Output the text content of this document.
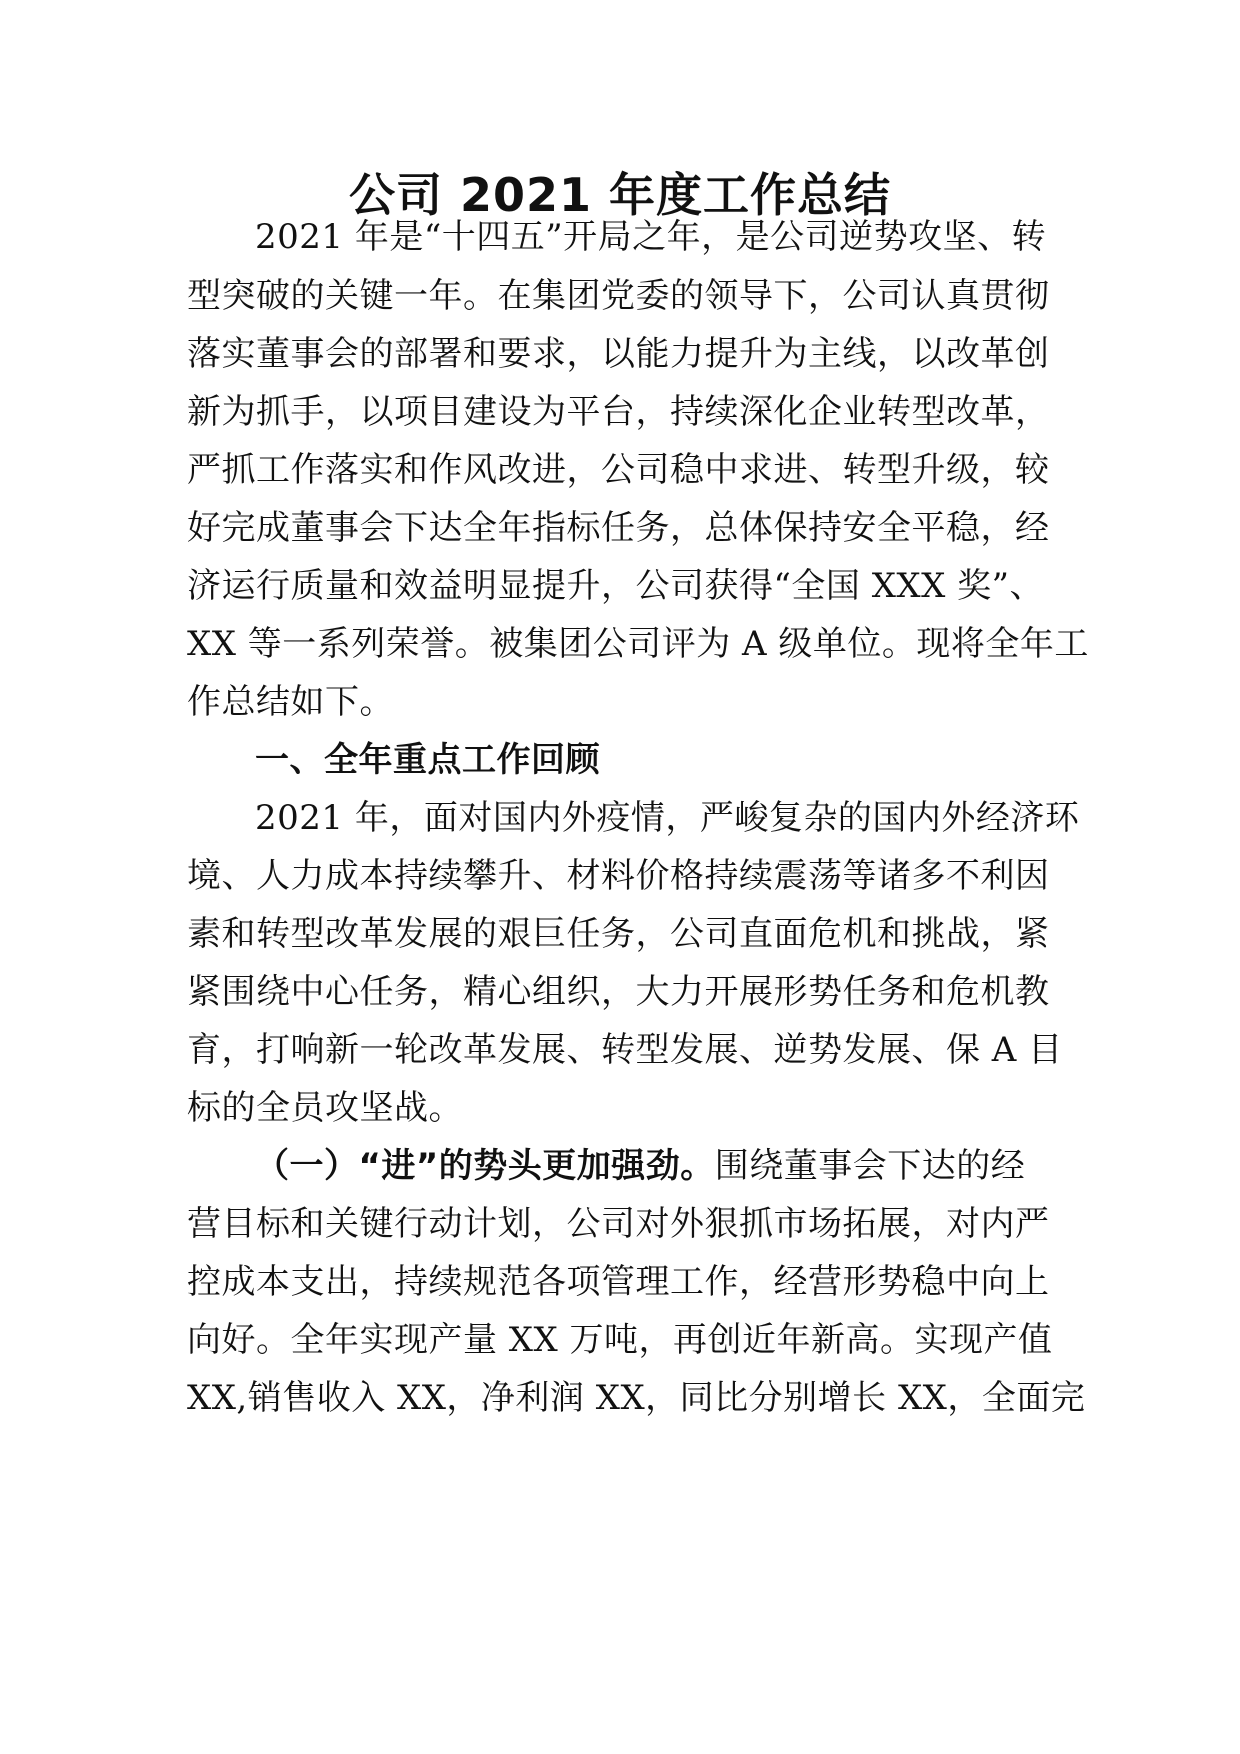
公司 2021 年度工作总结
2021 年是“十四五”开局之年，是公司逆势攻坚、转
型突破的关键一年。在集团党委的领导下，公司认真贯彻
落实董事会的部署和要求，以能力提升为主线，以改革创
新为抓手，以项目建设为平台，持续深化企业转型改革，
严抓工作落实和作风改进，公司稳中求进、转型升级，较
好完成董事会下达全年指标任务，总体保持安全平稳，经
济运行质量和效益明显提升，公司获得“全国 XXX 奖”、
XX 等一系列荣誉。被集团公司评为 A 级单位。现将全年工
作总结如下。
一、全年重点工作回顾
2021 年，面对国内外疫情，严峻复杂的国内外经济环
境、人力成本持续攀升、材料价格持续震荡等诸多不利因
素和转型改革发展的艰巨任务，公司直面危机和挑战，紧
紧围绕中心任务，精心组织，大力开展形势任务和危机教
育，打响新一轮改革发展、转型发展、逆势发展、保 A 目
标的全员攻坚战。
（一）“进”的势头更加强劲。围绕董事会下达的经
营目标和关键行动计划，公司对外狠抓市场拓展，对内严
控成本支出，持续规范各项管理工作，经营形势稳中向上
向好。全年实现产量 XX 万吨，再创近年新高。实现产值
XX,销售收入 XX，净利润 XX，同比分别增长 XX，全面完
